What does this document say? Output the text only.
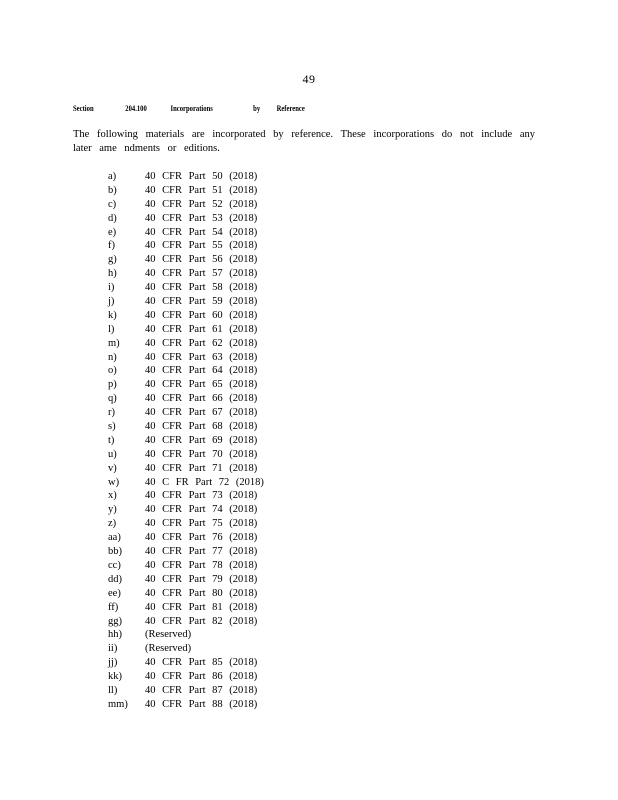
49
Section	204.100	Incorporations	by Reference
The following materials are incorporated by reference. These incorporations do not include any later ame ndments or editions.
a)	40 CFR Part 50 (2018)
b)	40 CFR Part 51 (2018)
c)	40 CFR Part 52 (2018)
d)	40 CFR Part 53 (2018)
e)	40 CFR Part 54 (2018)
f)	40 CFR Part 55 (2018)
g)	40 CFR Part 56 (2018)
h)	40 CFR Part 57 (2018)
i)	40 CFR Part 58 (2018)
j)	40 CFR Part 59 (2018)
k)	40 CFR Part 60 (2018)
l)	40 CFR Part 61 (2018)
m)	40 CFR Part 62 (2018)
n)	40 CFR Part 63 (2018)
o)	40 CFR Part 64 (2018)
p)	40 CFR Part 65 (2018)
q)	40 CFR Part 66 (2018)
r)	40 CFR Part 67 (2018)
s)	40 CFR Part 68 (2018)
t)	40 CFR Part 69 (2018)
u)	40 CFR Part 70 (2018)
v)	40 CFR Part 71 (2018)
w)	40 C FR Part 72 (2018)
x)	40 CFR Part 73 (2018)
y)	40 CFR Part 74 (2018)
z)	40 CFR Part 75 (2018)
aa)	40 CFR Part 76 (2018)
bb)	40 CFR Part 77 (2018)
cc)	40 CFR Part 78 (2018)
dd)	40 CFR Part 79 (2018)
ee)	40 CFR Part 80 (2018)
ff)	40 CFR Part 81 (2018)
gg)	40 CFR Part 82 (2018)
hh)	(Reserved)
ii)	(Reserved)
jj)	40 CFR Part 85 (2018)
kk)	40 CFR Part 86 (2018)
ll)	40 CFR Part 87 (2018)
mm)	40 CFR Part 88 (2018)
